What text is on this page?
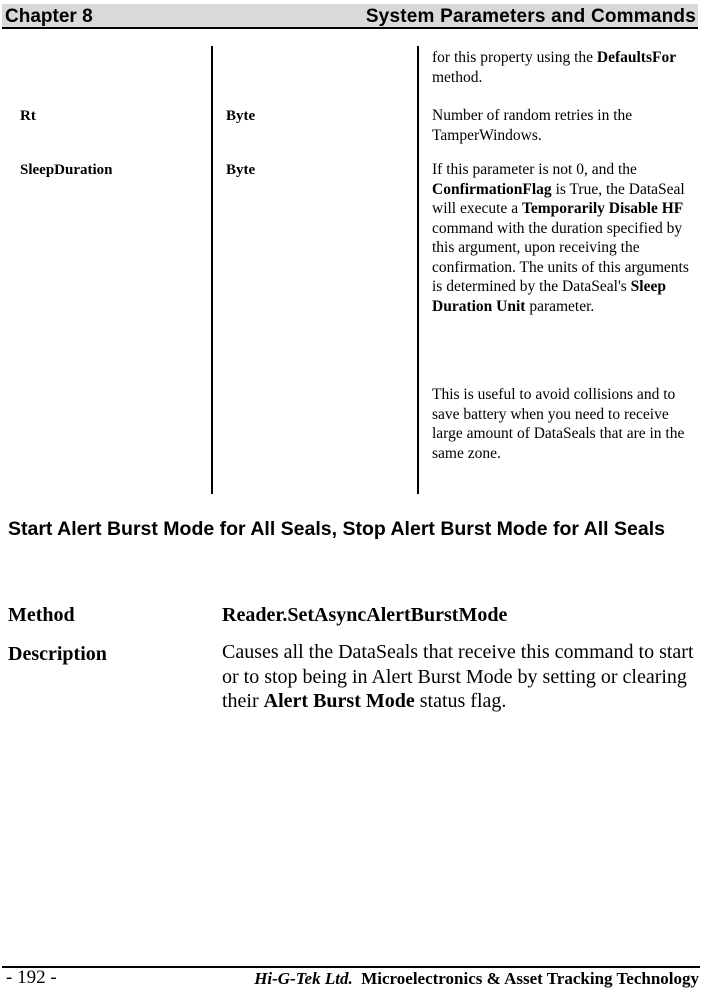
Chapter 8	System Parameters and Commands
for this property using the DefaultsFor method.
Rt	Byte	Number of random retries in the TamperWindows.
SleepDuration	Byte	If this parameter is not 0, and the ConfirmationFlag is True, the DataSeal will execute a Temporarily Disable HF command with the duration specified by this argument, upon receiving the confirmation. The units of this arguments is determined by the DataSeal's Sleep Duration Unit parameter.
This is useful to avoid collisions and to save battery when you need to receive large amount of DataSeals that are in the same zone.
Start Alert Burst Mode for All Seals, Stop Alert Burst Mode for All Seals
Method	Reader.SetAsyncAlertBurstMode
Description	Causes all the DataSeals that receive this command to start or to stop being in Alert Burst Mode by setting or clearing their Alert Burst Mode status flag.
- 192 -	Hi-G-Tek Ltd. Microelectronics & Asset Tracking Technology
